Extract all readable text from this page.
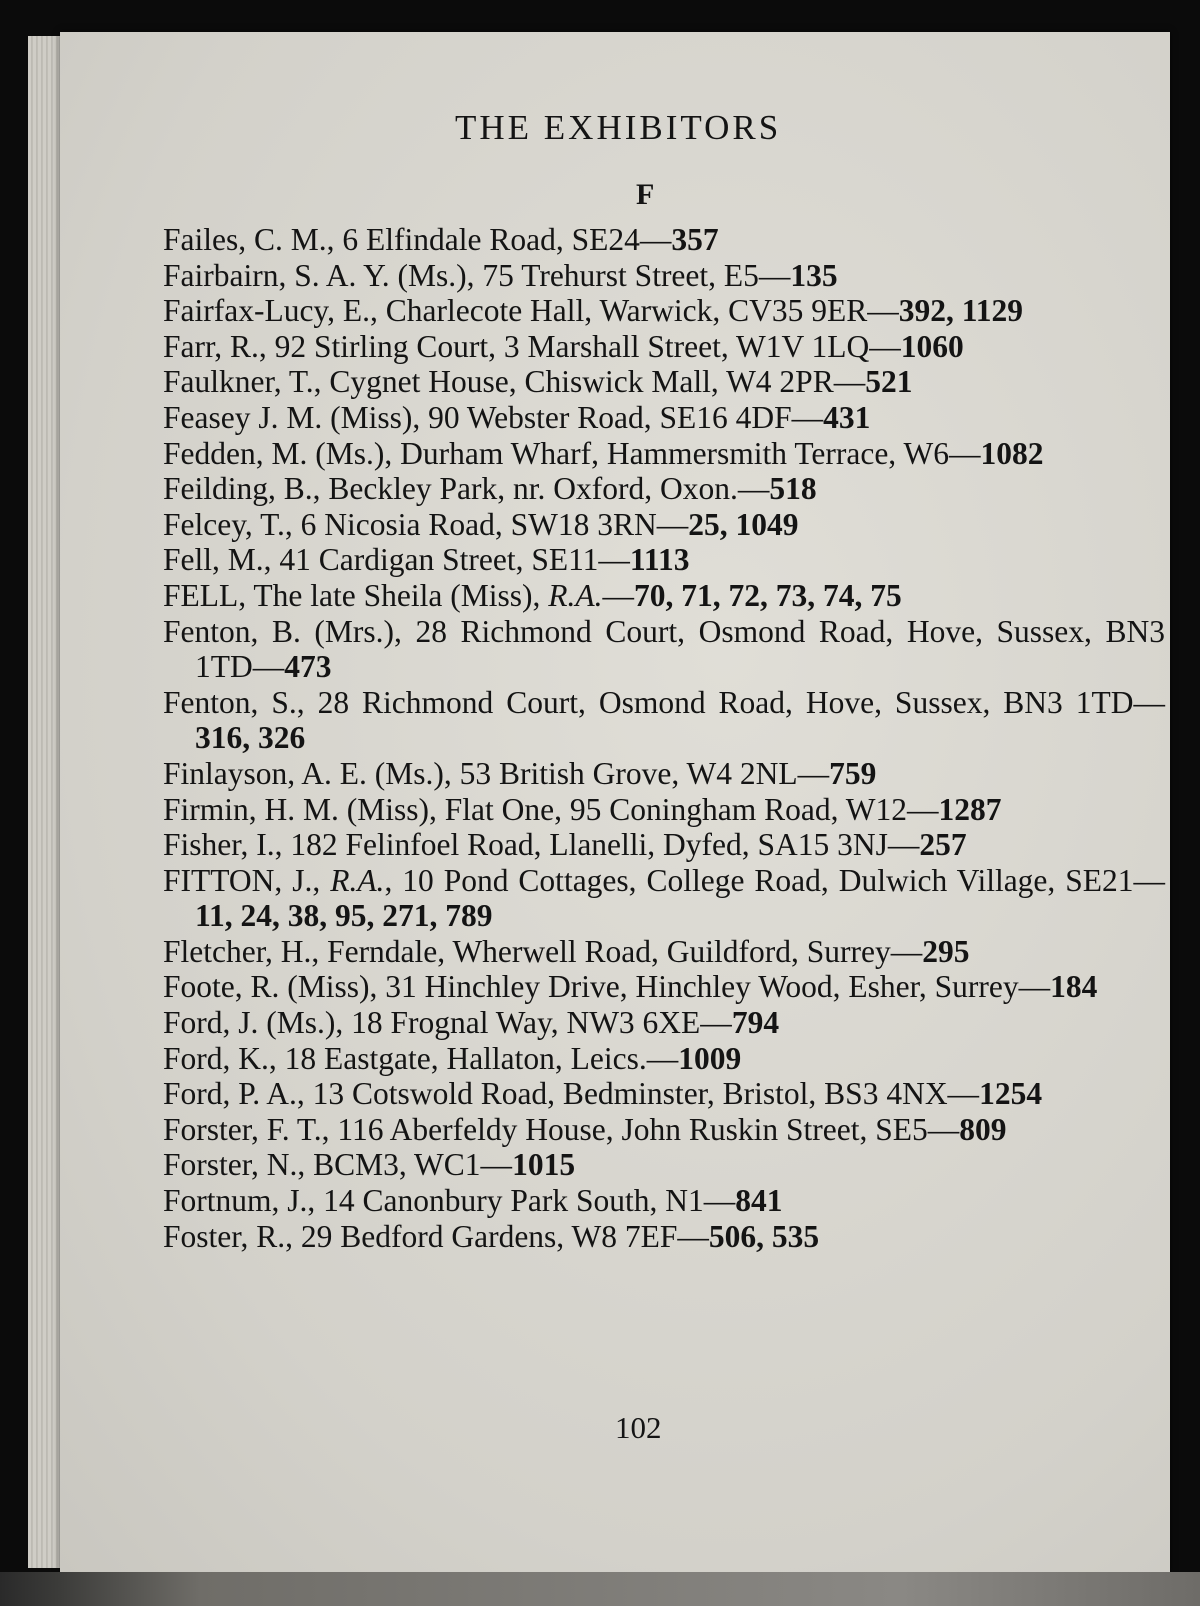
THE EXHIBITORS
F
Failes, C. M., 6 Elfindale Road, SE24—357
Fairbairn, S. A. Y. (Ms.), 75 Trehurst Street, E5—135
Fairfax-Lucy, E., Charlecote Hall, Warwick, CV35 9ER—392, 1129
Farr, R., 92 Stirling Court, 3 Marshall Street, W1V 1LQ—1060
Faulkner, T., Cygnet House, Chiswick Mall, W4 2PR—521
Feasey J. M. (Miss), 90 Webster Road, SE16 4DF—431
Fedden, M. (Ms.), Durham Wharf, Hammersmith Terrace, W6—1082
Feilding, B., Beckley Park, nr. Oxford, Oxon.—518
Felcey, T., 6 Nicosia Road, SW18 3RN—25, 1049
Fell, M., 41 Cardigan Street, SE11—1113
FELL, The late Sheila (Miss), R.A.—70, 71, 72, 73, 74, 75
Fenton, B. (Mrs.), 28 Richmond Court, Osmond Road, Hove, Sussex, BN3 1TD—473
Fenton, S., 28 Richmond Court, Osmond Road, Hove, Sussex, BN3 1TD—316, 326
Finlayson, A. E. (Ms.), 53 British Grove, W4 2NL—759
Firmin, H. M. (Miss), Flat One, 95 Coningham Road, W12—1287
Fisher, I., 182 Felinfoel Road, Llanelli, Dyfed, SA15 3NJ—257
FITTON, J., R.A., 10 Pond Cottages, College Road, Dulwich Village, SE21—11, 24, 38, 95, 271, 789
Fletcher, H., Ferndale, Wherwell Road, Guildford, Surrey—295
Foote, R. (Miss), 31 Hinchley Drive, Hinchley Wood, Esher, Surrey—184
Ford, J. (Ms.), 18 Frognal Way, NW3 6XE—794
Ford, K., 18 Eastgate, Hallaton, Leics.—1009
Ford, P. A., 13 Cotswold Road, Bedminster, Bristol, BS3 4NX—1254
Forster, F. T., 116 Aberfeldy House, John Ruskin Street, SE5—809
Forster, N., BCM3, WC1—1015
Fortnum, J., 14 Canonbury Park South, N1—841
Foster, R., 29 Bedford Gardens, W8 7EF—506, 535
102
